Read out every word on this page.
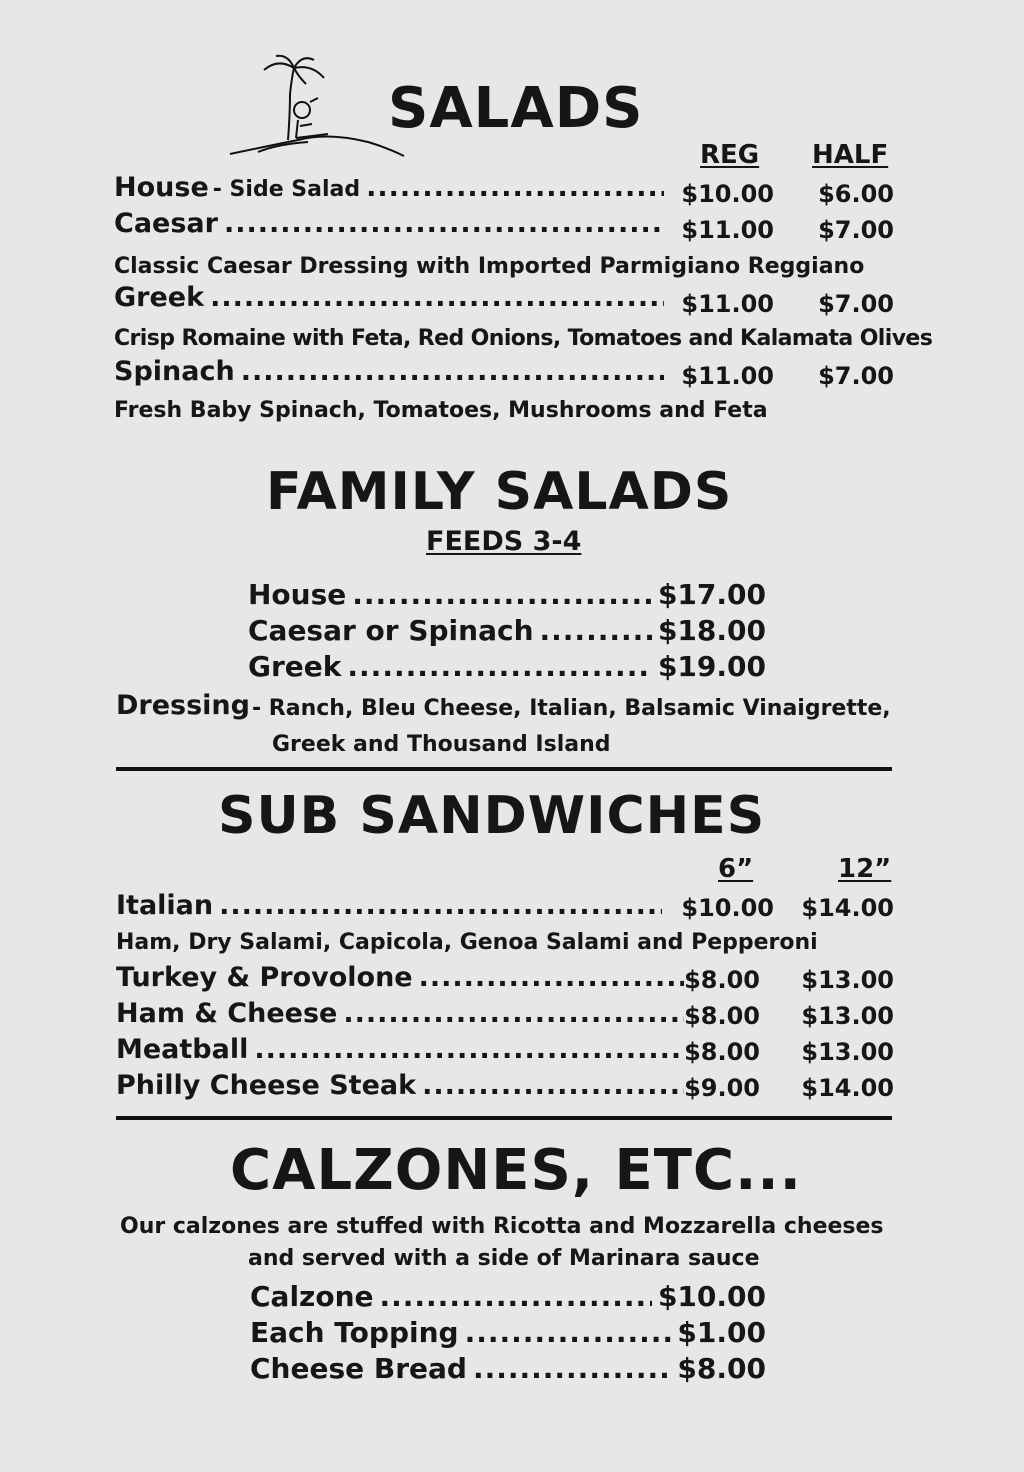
SALADS
REG HALF
House - Side Salad .....	$10.00	$6.00
Caesar .....	$11.00	$7.00
Classic Caesar Dressing with Imported Parmigiano Reggiano
Greek .....	$11.00	$7.00
Crisp Romaine with Feta, Red Onions, Tomatoes and Kalamata Olives
Spinach .....	$11.00	$7.00
Fresh Baby Spinach, Tomatoes, Mushrooms and Feta
FAMILY SALADS
FEEDS 3-4
House .....	$17.00
Caesar or Spinach .....	$18.00
Greek .....	$19.00
Dressing - Ranch, Bleu Cheese, Italian, Balsamic Vinaigrette,
Greek and Thousand Island
SUB SANDWICHES
6”	12”
Italian .....	$10.00	$14.00
Ham, Dry Salami, Capicola, Genoa Salami and Pepperoni
Turkey & Provolone .....	$8.00	$13.00
Ham & Cheese .....	$8.00	$13.00
Meatball .....	$8.00	$13.00
Philly Cheese Steak .....	$9.00	$14.00
CALZONES, ETC...
Our calzones are stuffed with Ricotta and Mozzarella cheeses
and served with a side of Marinara sauce
Calzone .....	$10.00
Each Topping .....	$1.00
Cheese Bread .....	$8.00
